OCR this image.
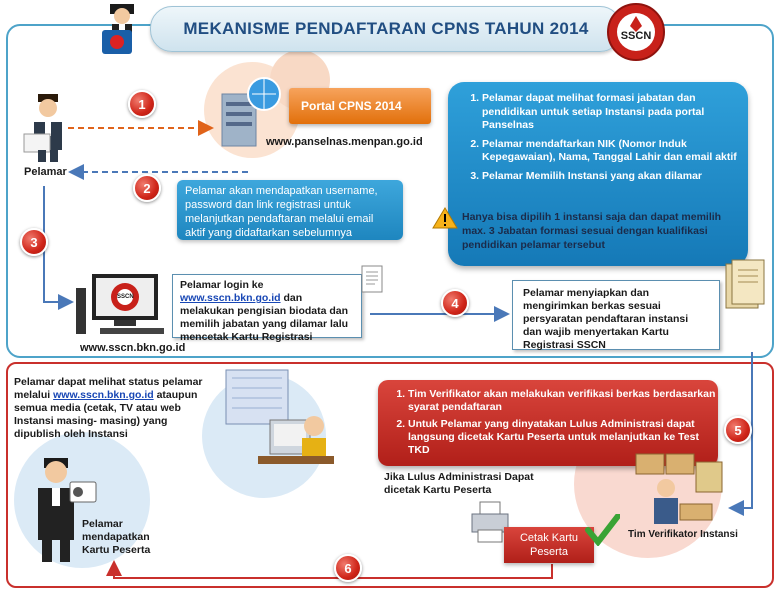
MEKANISME PENDAFTARAN CPNS TAHUN 2014	SSCN
1
2
3
4
5
6
Pelamar
Portal CPNS 2014
www.panselnas.menpan.go.id
Pelamar akan mendapatkan username, password dan link registrasi untuk melanjutkan pendaftaran melalui email aktif yang didaftarkan sebelumnya
1. Pelamar dapat melihat formasi jabatan dan pendidikan untuk setiap Instansi pada portal Panselnas
2. Pelamar mendaftarkan NIK (Nomor Induk Kepegawaian), Nama, Tanggal Lahir dan email aktif
3. Pelamar Memilih Instansi yang akan dilamar
Hanya bisa dipilih 1 instansi saja dan dapat memilih max. 3 Jabatan formasi sesuai dengan kualifikasi pendidikan pelamar tersebut
SSCN
www.sscn.bkn.go.id
Pelamar login ke
www.sscn.bkn.go.id dan melakukan pengisian biodata dan memilih jabatan yang dilamar lalu mencetak Kartu Registrasi
Pelamar menyiapkan dan mengirimkan berkas sesuai persyaratan pendaftaran instansi dan wajib menyertakan Kartu Registrasi SSCN
Pelamar dapat melihat status pelamar melalui www.sscn.bkn.go.id ataupun semua media (cetak, TV atau web Instansi masing- masing) yang dipublish oleh Instansi
Pelamar mendapatkan Kartu Peserta
1. Tim Verifikator akan melakukan verifikasi berkas berdasarkan syarat pendaftaran
2. Untuk Pelamar yang dinyatakan Lulus Administrasi dapat langsung dicetak Kartu Peserta untuk melanjutkan ke Test TKD
Jika Lulus Administrasi Dapat dicetak Kartu Peserta
Cetak Kartu Peserta
Tim Verifikator Instansi
